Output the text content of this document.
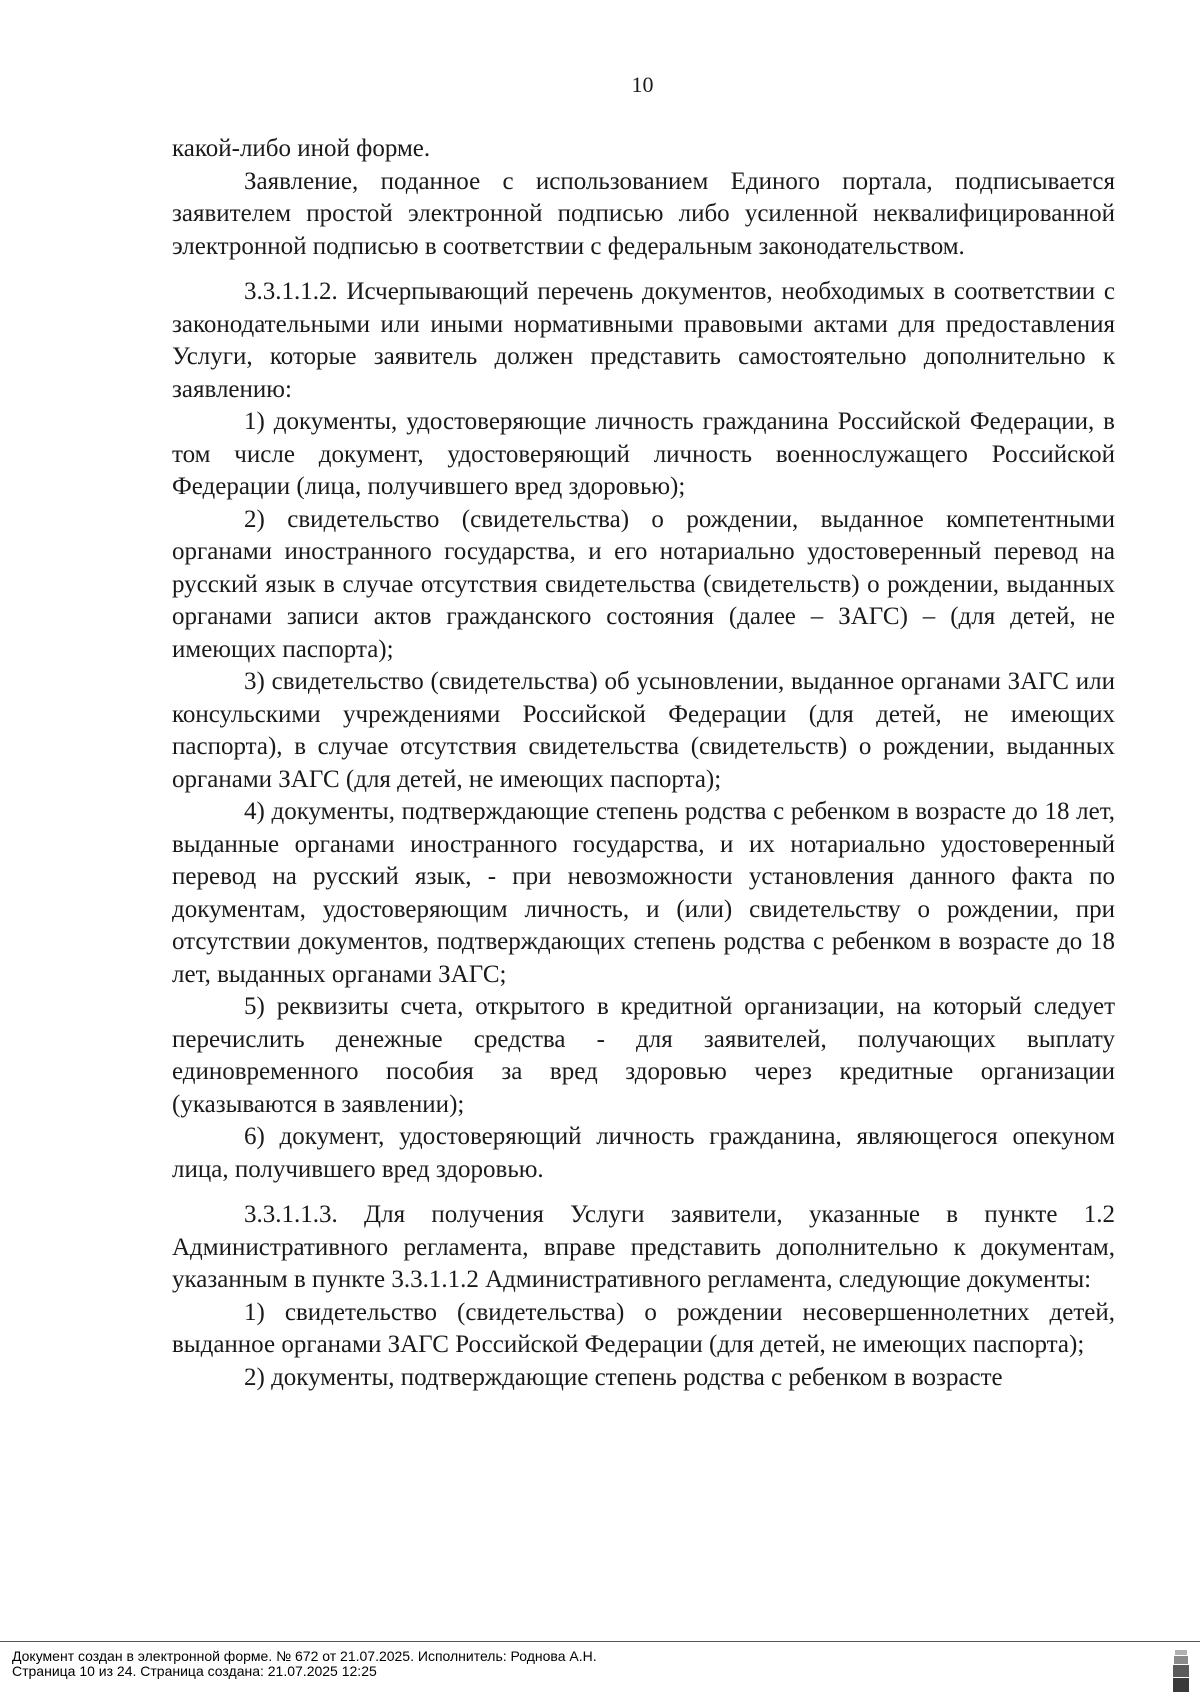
10

какой-либо иной форме.

Заявление, поданное с использованием Единого портала, подписывается заявителем простой электронной подписью либо усиленной неквалифицированной электронной подписью в соответствии с федеральным законодательством.

3.3.1.1.2. Исчерпывающий перечень документов, необходимых в соответствии с законодательными или иными нормативными правовыми актами для предоставления Услуги, которые заявитель должен представить самостоятельно дополнительно к заявлению:

1) документы, удостоверяющие личность гражданина Российской Федерации, в том числе документ, удостоверяющий личность военнослужащего Российской Федерации (лица, получившего вред здоровью);

2) свидетельство (свидетельства) о рождении, выданное компетентными органами иностранного государства, и его нотариально удостоверенный перевод на русский язык в случае отсутствия свидетельства (свидетельств) о рождении, выданных органами записи актов гражданского состояния (далее – ЗАГС) – (для детей, не имеющих паспорта);

3) свидетельство (свидетельства) об усыновлении, выданное органами ЗАГС или консульскими учреждениями Российской Федерации (для детей, не имеющих паспорта), в случае отсутствия свидетельства (свидетельств) о рождении, выданных органами ЗАГС (для детей, не имеющих паспорта);

4) документы, подтверждающие степень родства с ребенком в возрасте до 18 лет, выданные органами иностранного государства, и их нотариально удостоверенный перевод на русский язык, - при невозможности установления данного факта по документам, удостоверяющим личность, и (или) свидетельству о рождении, при отсутствии документов, подтверждающих степень родства с ребенком в возрасте до 18 лет, выданных органами ЗАГС;

5) реквизиты счета, открытого в кредитной организации, на который следует перечислить денежные средства - для заявителей, получающих выплату единовременного пособия за вред здоровью через кредитные организации (указываются в заявлении);

6) документ, удостоверяющий личность гражданина, являющегося опекуном лица, получившего вред здоровью.

3.3.1.1.3. Для получения Услуги заявители, указанные в пункте 1.2 Административного регламента, вправе представить дополнительно к документам, указанным в пункте 3.3.1.1.2 Административного регламента, следующие документы:

1) свидетельство (свидетельства) о рождении несовершеннолетних детей, выданное органами ЗАГС Российской Федерации (для детей, не имеющих паспорта);

2) документы, подтверждающие степень родства с ребенком в возрасте

Документ создан в электронной форме. № 672 от 21.07.2025. Исполнитель: Роднова А.Н.
Страница 10 из 24. Страница создана: 21.07.2025 12:25
